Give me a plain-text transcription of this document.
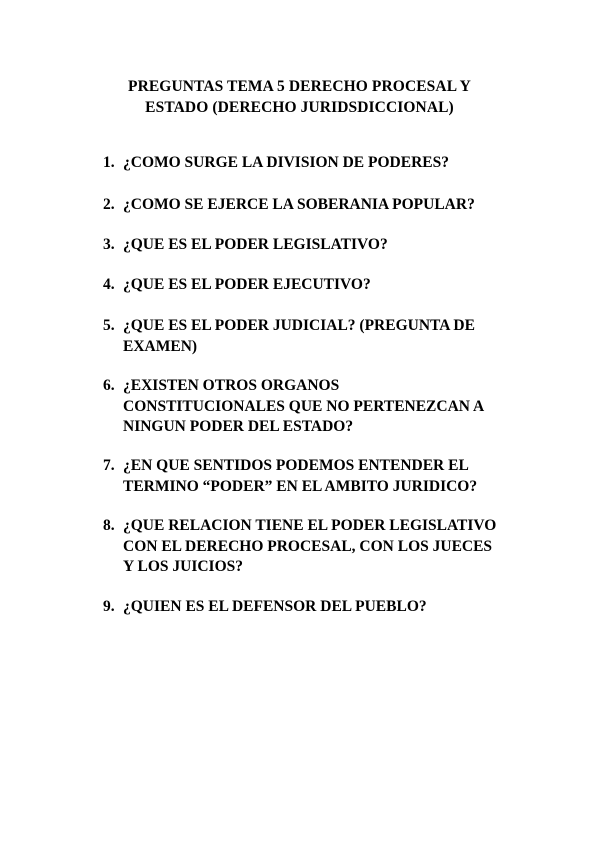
PREGUNTAS TEMA 5 DERECHO PROCESAL Y
ESTADO (DERECHO JURIDSDICCIONAL)
1. ¿COMO SURGE LA DIVISION DE PODERES?
2. ¿COMO SE EJERCE LA SOBERANIA POPULAR?
3. ¿QUE ES EL PODER LEGISLATIVO?
4. ¿QUE ES EL PODER EJECUTIVO?
5. ¿QUE ES EL PODER JUDICIAL? (PREGUNTA DE
EXAMEN)
6. ¿EXISTEN OTROS ORGANOS
CONSTITUCIONALES QUE NO PERTENEZCAN A
NINGUN PODER DEL ESTADO?
7. ¿EN QUE SENTIDOS PODEMOS ENTENDER EL
TERMINO “PODER” EN EL AMBITO JURIDICO?
8. ¿QUE RELACION TIENE EL PODER LEGISLATIVO
CON EL DERECHO PROCESAL, CON LOS JUECES
Y LOS JUICIOS?
9. ¿QUIEN ES EL DEFENSOR DEL PUEBLO?
